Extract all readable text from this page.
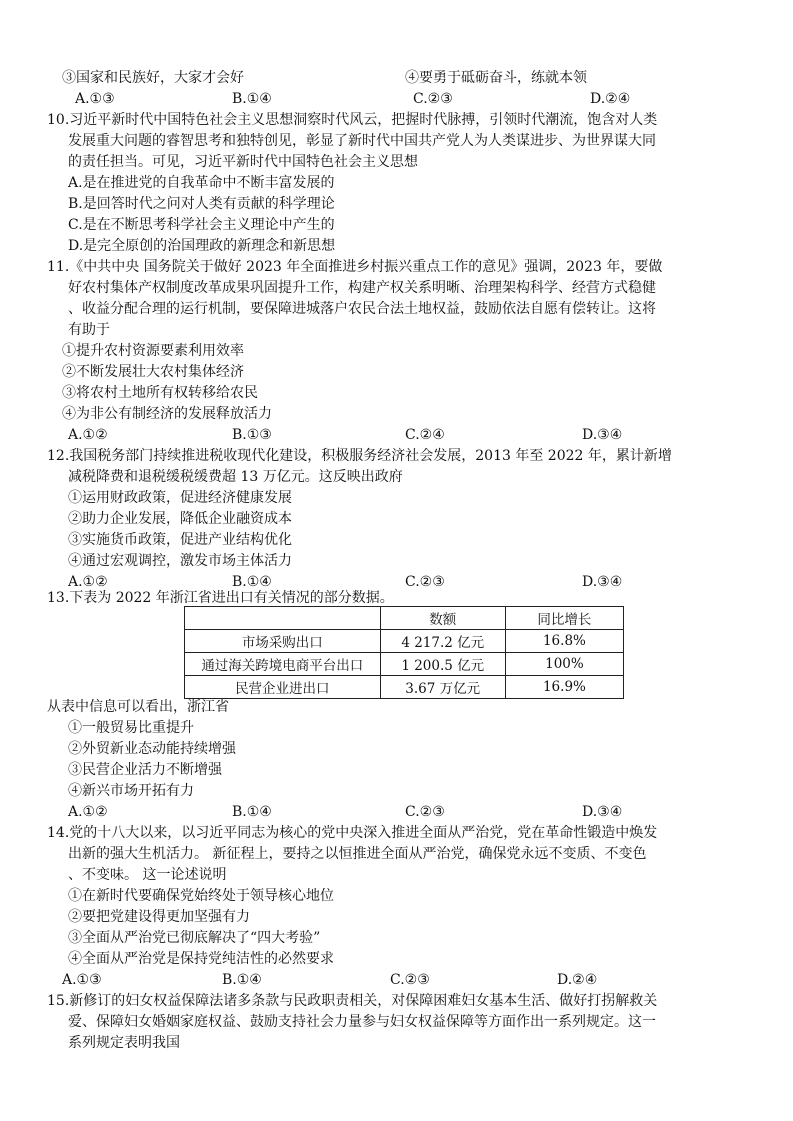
③国家和民族好，大家才会好	④要勇于砥砺奋斗，练就本领
A.①③	B.①④	C.②③	D.②④
10.习近平新时代中国特色社会主义思想洞察时代风云，把握时代脉搏，引领时代潮流，饱含对人类
发展重大问题的睿智思考和独特创见，彰显了新时代中国共产党人为人类谋进步、为世界谋大同
的责任担当。可见，习近平新时代中国特色社会主义思想
A.是在推进党的自我革命中不断丰富发展的
B.是回答时代之问对人类有贡献的科学理论
C.是在不断思考科学社会主义理论中产生的
D.是完全原创的治国理政的新理念和新思想
11.《中共中央 国务院关于做好 2023 年全面推进乡村振兴重点工作的意见》强调，2023 年，要做
好农村集体产权制度改革成果巩固提升工作，构建产权关系明晰、治理架构科学、经营方式稳健
、收益分配合理的运行机制，要保障进城落户农民合法土地权益，鼓励依法自愿有偿转让。这将
有助于
①提升农村资源要素利用效率
②不断发展壮大农村集体经济
③将农村土地所有权转移给农民
④为非公有制经济的发展释放活力
A.①②	B.①③	C.②④	D.③④
12.我国税务部门持续推进税收现代化建设，积极服务经济社会发展，2013 年至 2022 年，累计新增
减税降费和退税缓税缓费超 13 万亿元。这反映出政府
①运用财政政策，促进经济健康发展
②助力企业发展，降低企业融资成本
③实施货币政策，促进产业结构优化
④通过宏观调控，激发市场主体活力
A.①②	B.①④	C.②③	D.③④
13.下表为 2022 年浙江省进出口有关情况的部分数据。
	数额	同比增长
市场采购出口	4 217.2 亿元	16.8%
通过海关跨境电商平台出口	1 200.5 亿元	100%
民营企业进出口	3.67 万亿元	16.9%
从表中信息可以看出，浙江省
①一般贸易比重提升
②外贸新业态动能持续增强
③民营企业活力不断增强
④新兴市场开拓有力
A.①②	B.①④	C.②③	D.③④
14.党的十八大以来，以习近平同志为核心的党中央深入推进全面从严治党，党在革命性锻造中焕发
出新的强大生机活力。 新征程上，要持之以恒推进全面从严治党，确保党永远不变质、不变色
、不变味。 这一论述说明
①在新时代要确保党始终处于领导核心地位
②要把党建设得更加坚强有力
③全面从严治党已彻底解决了“四大考验”
④全面从严治党是保持党纯洁性的必然要求
A.①③	B.①④	C.②③	D.②④
15.新修订的妇女权益保障法诸多条款与民政职责相关，对保障困难妇女基本生活、做好打拐解救关
爱、保障妇女婚姻家庭权益、鼓励支持社会力量参与妇女权益保障等方面作出一系列规定。这一
系列规定表明我国
